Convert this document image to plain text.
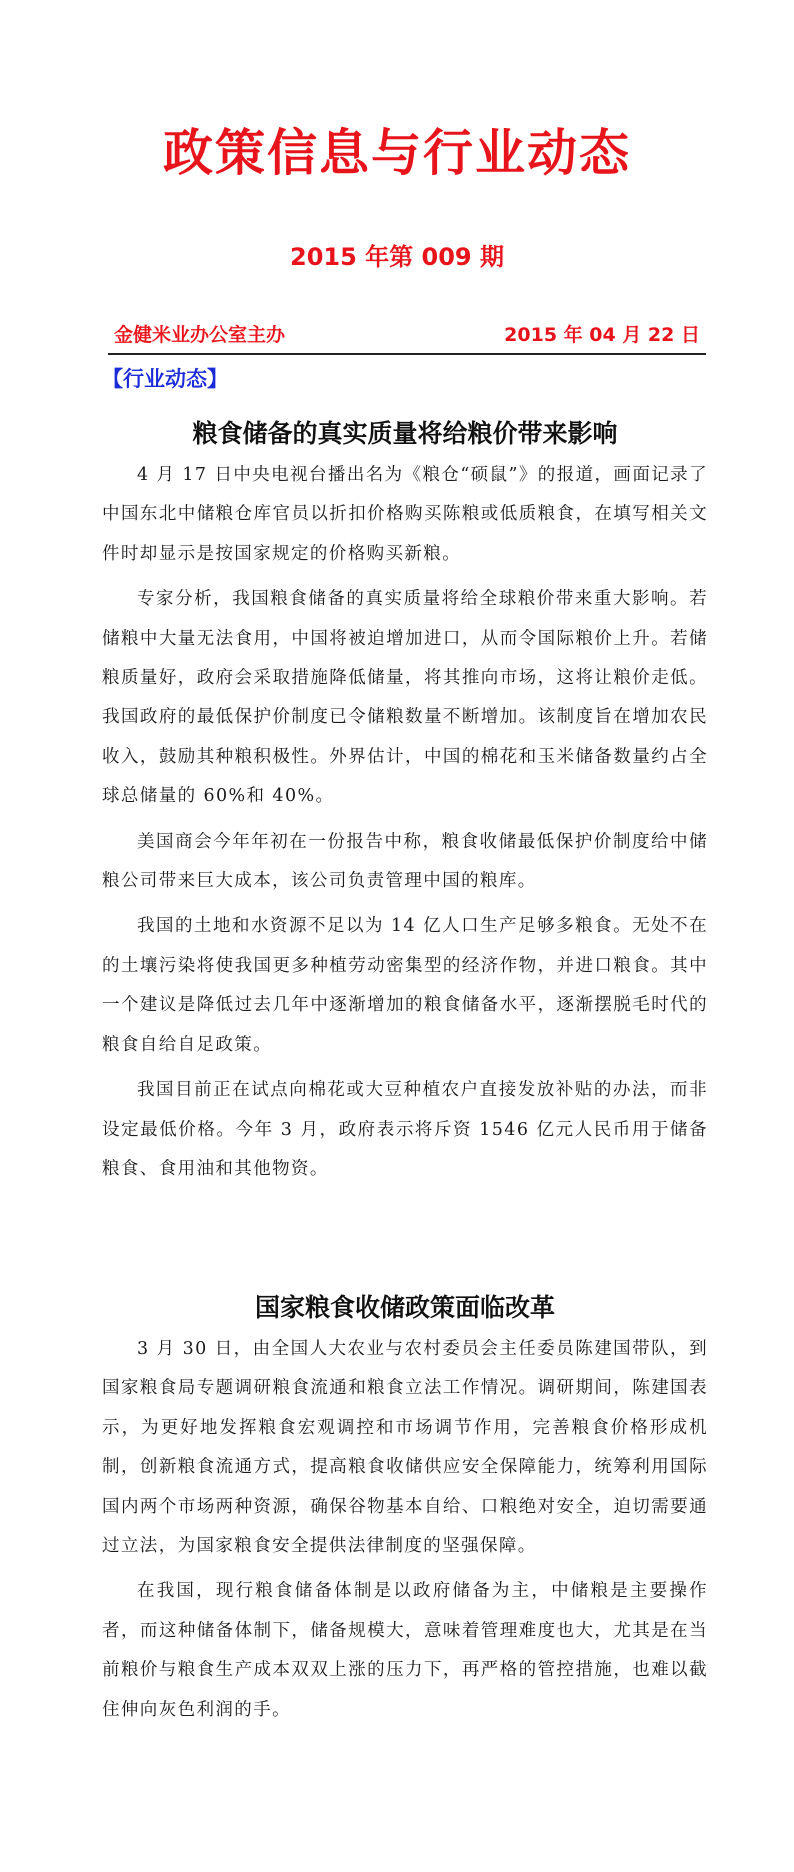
政策信息与行业动态
2015 年第 009 期
金健米业办公室主办	2015 年 04 月 22 日
【行业动态】
粮食储备的真实质量将给粮价带来影响

4 月 17 日中央电视台播出名为《粮仓“硕鼠”》的报道，画面记录了中国东北中储粮仓库官员以折扣价格购买陈粮或低质粮食，在填写相关文件时却显示是按国家规定的价格购买新粮。

专家分析，我国粮食储备的真实质量将给全球粮价带来重大影响。若储粮中大量无法食用，中国将被迫增加进口，从而令国际粮价上升。若储粮质量好，政府会采取措施降低储量，将其推向市场，这将让粮价走低。我国政府的最低保护价制度已令储粮数量不断增加。该制度旨在增加农民收入，鼓励其种粮积极性。外界估计，中国的棉花和玉米储备数量约占全球总储量的 60%和 40%。

美国商会今年年初在一份报告中称，粮食收储最低保护价制度给中储粮公司带来巨大成本，该公司负责管理中国的粮库。

我国的土地和水资源不足以为 14 亿人口生产足够多粮食。无处不在的土壤污染将使我国更多种植劳动密集型的经济作物，并进口粮食。其中一个建议是降低过去几年中逐渐增加的粮食储备水平，逐渐摆脱毛时代的粮食自给自足政策。

我国目前正在试点向棉花或大豆种植农户直接发放补贴的办法，而非设定最低价格。今年 3 月，政府表示将斥资 1546 亿元人民币用于储备粮食、食用油和其他物资。

国家粮食收储政策面临改革

3 月 30 日，由全国人大农业与农村委员会主任委员陈建国带队，到国家粮食局专题调研粮食流通和粮食立法工作情况。调研期间，陈建国表示，为更好地发挥粮食宏观调控和市场调节作用，完善粮食价格形成机制，创新粮食流通方式，提高粮食收储供应安全保障能力，统筹利用国际国内两个市场两种资源，确保谷物基本自给、口粮绝对安全，迫切需要通过立法，为国家粮食安全提供法律制度的坚强保障。

在我国，现行粮食储备体制是以政府储备为主，中储粮是主要操作者，而这种储备体制下，储备规模大，意味着管理难度也大，尤其是在当前粮价与粮食生产成本双双上涨的压力下，再严格的管控措施，也难以截住伸向灰色利润的手。
